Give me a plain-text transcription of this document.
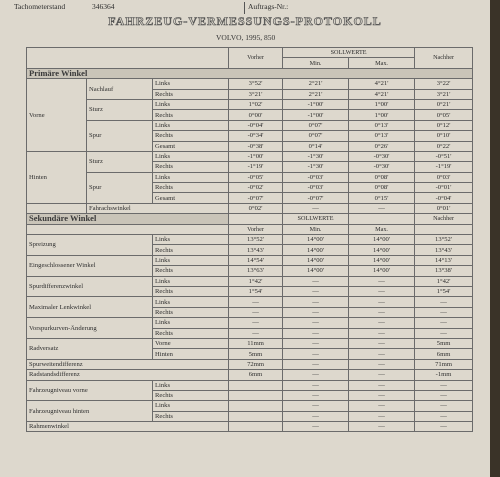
Tachometerstand	346364	Auftrags-Nr.:
FAHRZEUG-VERMESSUNGS-PROTOKOLL
VOLVO, 1995, 850
			Vorher	SOLLWERTE		Nachher
				Min.	Max.	
Primäre Winkel						
Vorne	Nachlauf	Links	3°52'	2°21'	4°21'	3°22'
		Rechts	3°21'	2°21'	4°21'	3°21'
	Sturz	Links	1°02'	-1°00'	1°00'	0°21'
		Rechts	0°00'	-1°00'	1°00'	0°05'
	Spur	Links	-0°04'	0°07'	0°13'	0°12'
		Rechts	-0°34'	0°07'	0°13'	0°10'
		Gesamt	-0°38'	0°14'	0°26'	0°22'
Hinten	Sturz	Links	-1°00'	-1°30'	-0°30'	-0°51'
		Rechts	-1°19'	-1°30'	-0°30'	-1°19'
	Spur	Links	-0°05'	-0°03'	0°08'	0°03'
		Rechts	-0°02'	-0°03'	0°08'	-0°01'
		Gesamt	-0°07'	-0°07'	0°15'	-0°04'
	Fahrachswinkel		0°02'	—	—	0°01'
Sekundäre Winkel				SOLLWERTE		Nachher
			Vorher	Min.	Max.	
Spreizung		Links	13°52'	14°00'	14°00'	13°52'
		Rechts	13°43'	14°00'	14°00'	13°43'
Eingeschlossener Winkel		Links	14°54'	14°00'	14°00'	14°13'
		Rechts	13°63'	14°00'	14°00'	13°38'
Spurdifferenzwinkel		Links	1°42'	—	—	1°42'
		Rechts	1°54'	—	—	1°54'
Maximaler Lenkwinkel		Links	—	—	—	—
		Rechts	—	—	—	—
Vorspurkurven-Änderung		Links	—	—	—	—
		Rechts	—	—	—	—
Radversatz		Vorne	11mm	—	—	5mm
		Hinten	5mm	—	—	6mm
Spurweitendifferenz			72mm	—	—	71mm
Radstandsdifferenz			6mm	—	—	-1mm
Fahrzeugniveau vorne		Links		—	—	—
		Rechts		—	—	—
Fahrzeugniveau hinten		Links		—	—	—
		Rechts		—	—	—
Rahmenwinkel				—	—	—
